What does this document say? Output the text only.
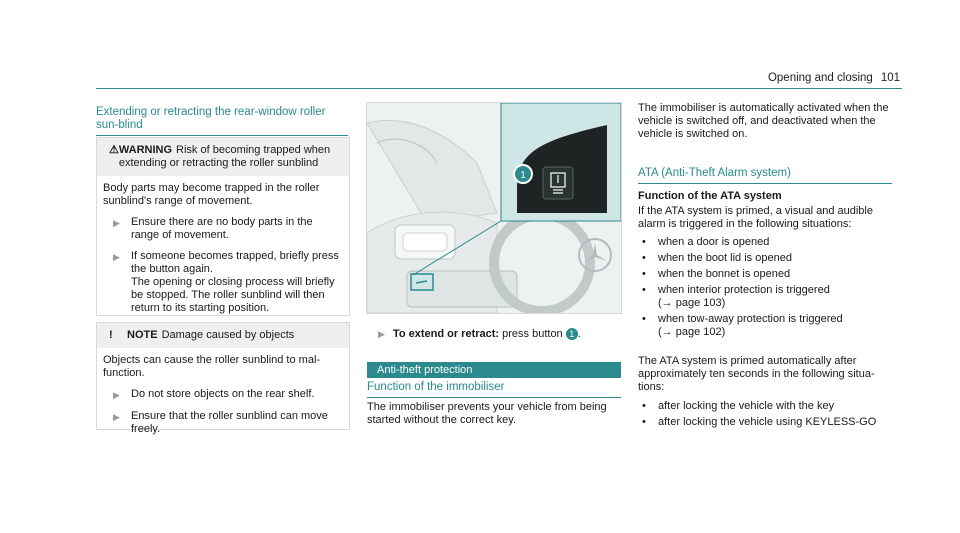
Opening and closing 101
Extending or retracting the rear-window roller sun-blind
⚠ WARNING Risk of becoming trapped when extending or retracting the roller sunblind
Body parts may become trapped in the roller sunblind's range of movement.
▶	Ensure there are no body parts in the range of movement.
▶	If someone becomes trapped, briefly press the button again.
The opening or closing process will briefly be stopped. The roller sunblind will then return to its starting position.
!	NOTE Damage caused by objects
Objects can cause the roller sunblind to mal-function.
▶	Do not store objects on the rear shelf.
▶	Ensure that the roller sunblind can move freely.
1
▶ To extend or retract: press button 1 .
Anti-theft protection
Function of the immobiliser
The immobiliser prevents your vehicle from being started without the correct key.
The immobiliser is automatically activated when the vehicle is switched off, and deactivated when the vehicle is switched on.
ATA (Anti-Theft Alarm system)
Function of the ATA system
If the ATA system is primed, a visual and audible alarm is triggered in the following situations:
•	when a door is opened
•	when the boot lid is opened
•	when the bonnet is opened
•	when interior protection is triggered
(→ page 103)
•	when tow-away protection is triggered
(→ page 102)
The ATA system is primed automatically after approximately ten seconds in the following situa-tions:
•	after locking the vehicle with the key
•	after locking the vehicle using KEYLESS-GO
